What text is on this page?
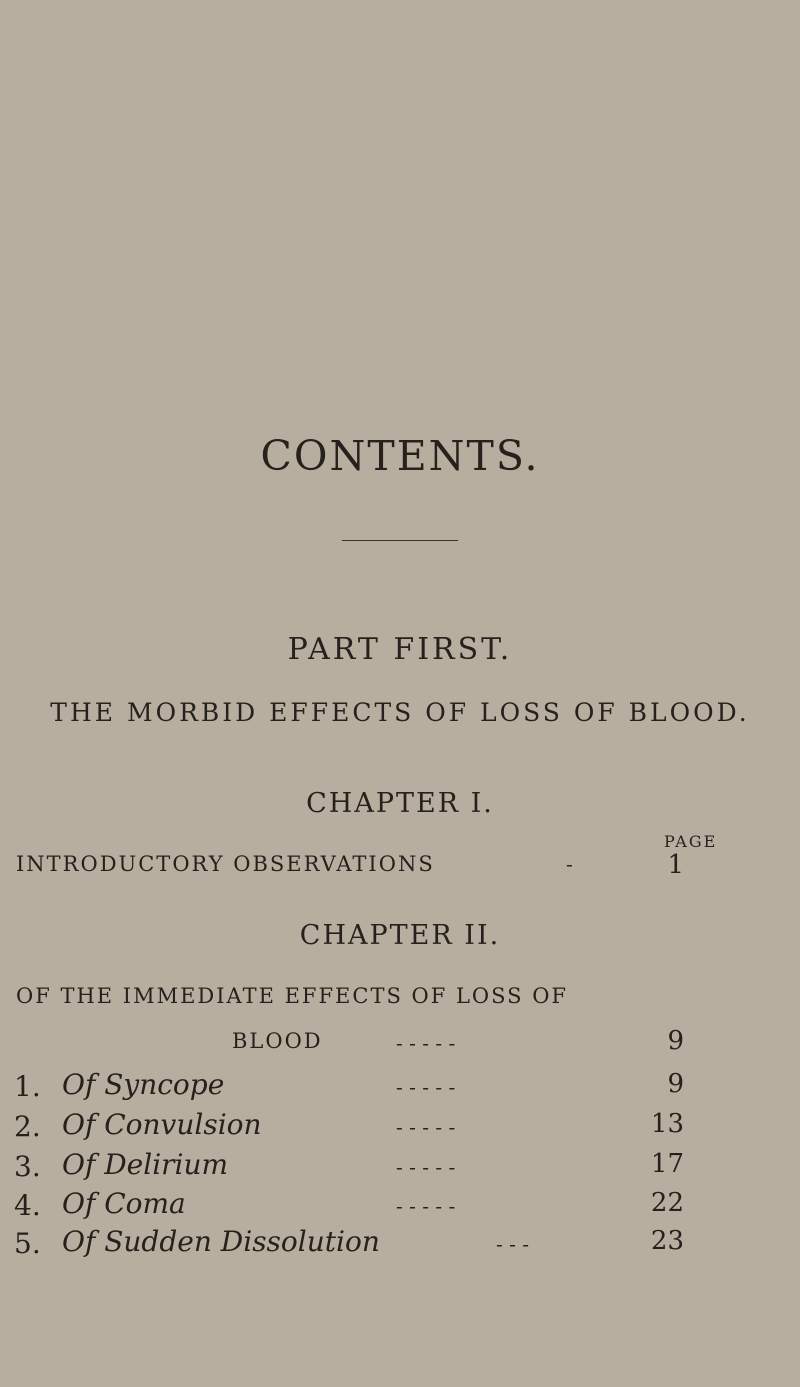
CONTENTS.
PART FIRST.
THE MORBID EFFECTS OF LOSS OF BLOOD.
CHAPTER I.
PAGE
INTRODUCTORY OBSERVATIONS	-	1
CHAPTER II.
OF THE IMMEDIATE EFFECTS OF LOSS OF
BLOOD	- - - - -	9
1. Of Syncope	- - - - -	9
2. Of Convulsion	- - - - -	13
3. Of Delirium	- - - - -	17
4. Of Coma	- - - - -	22
5. Of Sudden Dissolution	- - -	23
